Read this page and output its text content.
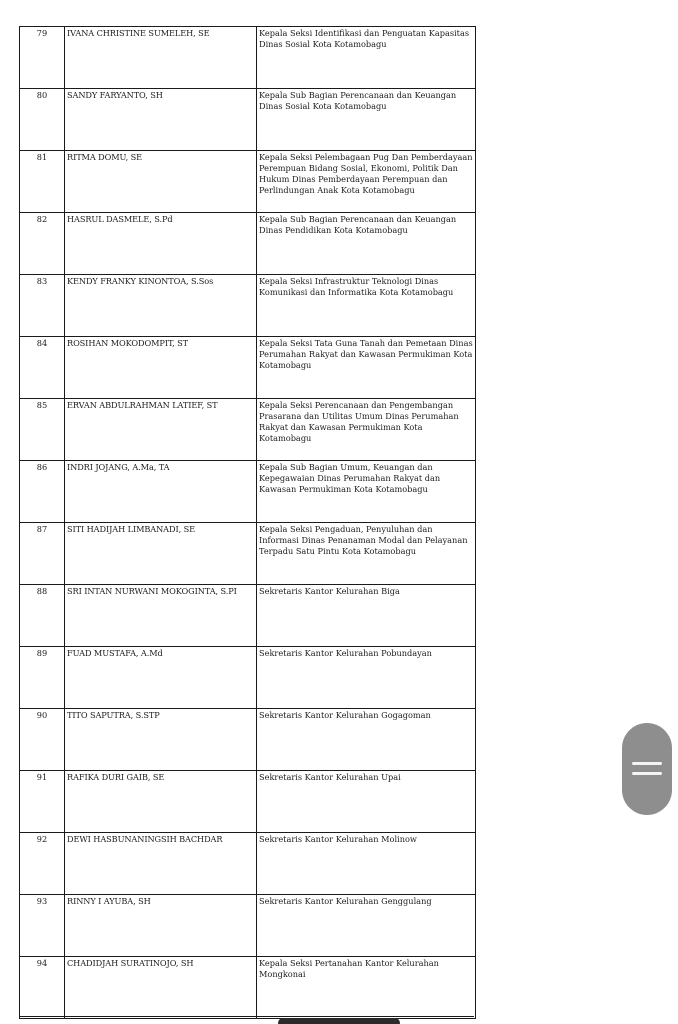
79	IVANA CHRISTINE SUMELEH, SE	Kepala Seksi Identifikasi dan Penguatan Kapasitas Dinas Sosial Kota Kotamobagu
80	SANDY FARYANTO, SH	Kepala Sub Bagian Perencanaan dan Keuangan Dinas Sosial Kota Kotamobagu
81	RITMA DOMU, SE	Kepala Seksi Pelembagaan Pug Dan Pemberdayaan Perempuan Bidang Sosial, Ekonomi, Politik Dan Hukum Dinas Pemberdayaan Perempuan dan Perlindungan Anak Kota Kotamobagu
82	HASRUL DASMELE, S.Pd	Kepala Sub Bagian Perencanaan dan Keuangan Dinas Pendidikan Kota Kotamobagu
83	KENDY FRANKY KINONTOA, S.Sos	Kepala Seksi Infrastruktur Teknologi Dinas Komunikasi dan Informatika Kota Kotamobagu
84	ROSIHAN MOKODOMPIT, ST	Kepala Seksi Tata Guna Tanah dan Pemetaan Dinas Perumahan Rakyat dan Kawasan Permukiman Kota Kotamobagu
85	ERVAN ABDULRAHMAN LATIEF, ST	Kepala Seksi Perencanaan dan Pengembangan Prasarana dan Utilitas Umum Dinas Perumahan Rakyat dan Kawasan Permukiman Kota Kotamobagu
86	INDRI JOJANG, A.Ma, TA	Kepala Sub Bagian Umum, Keuangan dan Kepegawaian Dinas Perumahan Rakyat dan Kawasan Permukiman Kota Kotamobagu
87	SITI HADIJAH LIMBANADI, SE	Kepala Seksi Pengaduan, Penyuluhan dan Informasi Dinas Penanaman Modal dan Pelayanan Terpadu Satu Pintu Kota Kotamobagu
88	SRI INTAN NURWANI MOKOGINTA, S.PI	Sekretaris Kantor Kelurahan Biga
89	FUAD MUSTAFA, A.Md	Sekretaris Kantor Kelurahan Pobundayan
90	TITO SAPUTRA, S.STP	Sekretaris Kantor Kelurahan Gogagoman
91	RAFIKA DURI GAIB, SE	Sekretaris Kantor Kelurahan Upai
92	DEWI HASBUNANINGSIH BACHDAR	Sekretaris Kantor Kelurahan Molinow
93	RINNY I AYUBA, SH	Sekretaris Kantor Kelurahan Genggulang
94	CHADIDJAH SURATINOJO, SH	Kepala Seksi Pertanahan Kantor Kelurahan Mongkonai
